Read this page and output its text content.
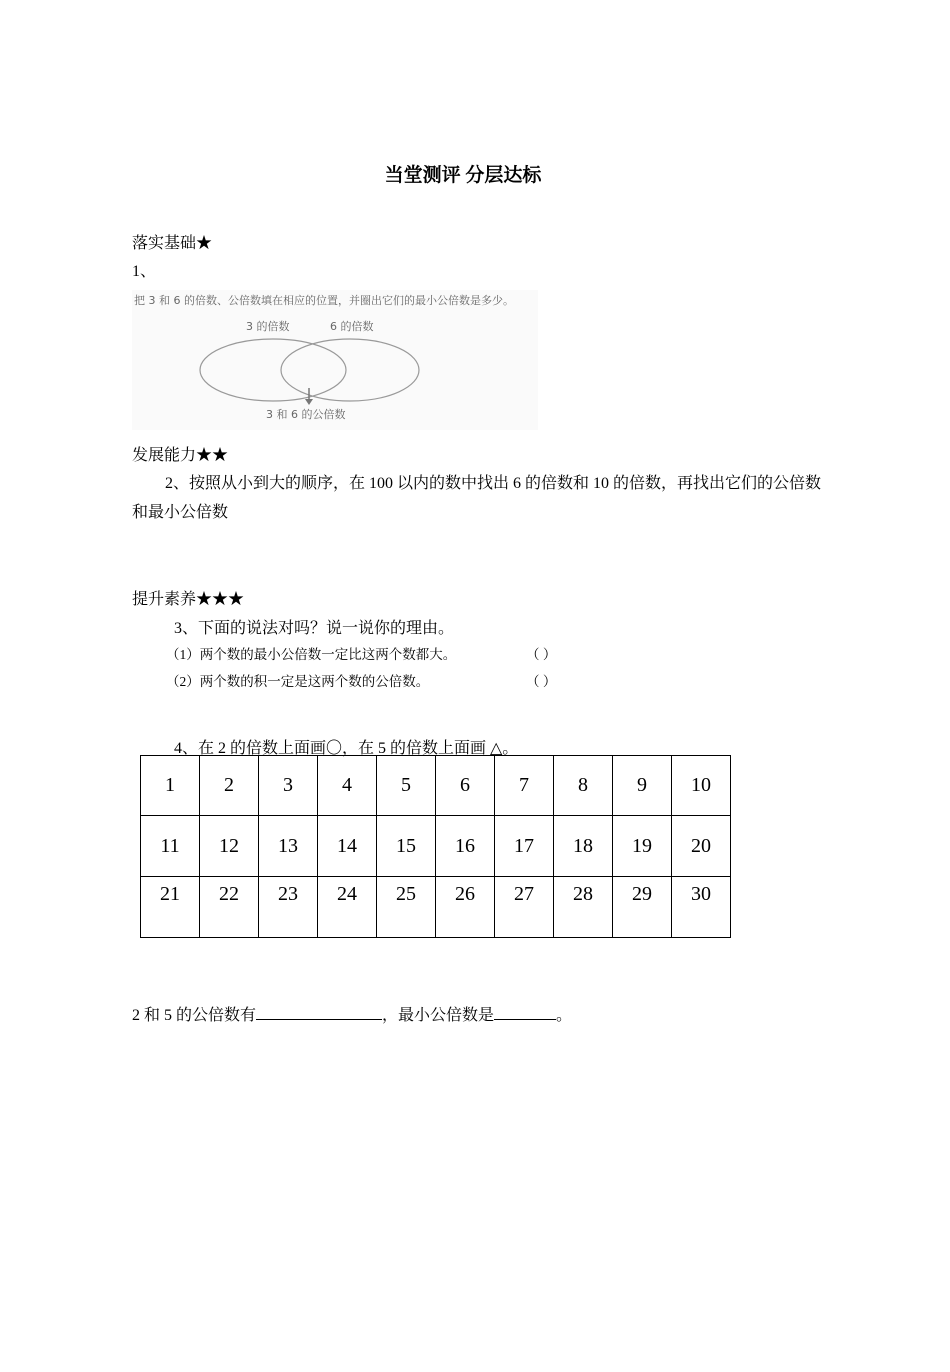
当堂测评 分层达标
落实基础★
1、
把 3 和 6 的倍数、公倍数填在相应的位置，并圈出它们的最小公倍数是多少。
3 的倍数	6 的倍数
3 和 6 的公倍数
发展能力★★
2、按照从小到大的顺序，在 100 以内的数中找出 6 的倍数和 10 的倍数，再找出它们的公倍数
和最小公倍数
提升素养★★★
3、下面的说法对吗？说一说你的理由。
（1）两个数的最小公倍数一定比这两个数都大。	（ ）
（2）两个数的积一定是这两个数的公倍数。	（ ）
4、在 2 的倍数上面画〇，在 5 的倍数上面画 △。
1	2	3	4	5	6	7	8	9	10
11	12	13	14	15	16	17	18	19	20
21	22	23	24	25	26	27	28	29	30
2 和 5 的公倍数有	，最小公倍数是	。
